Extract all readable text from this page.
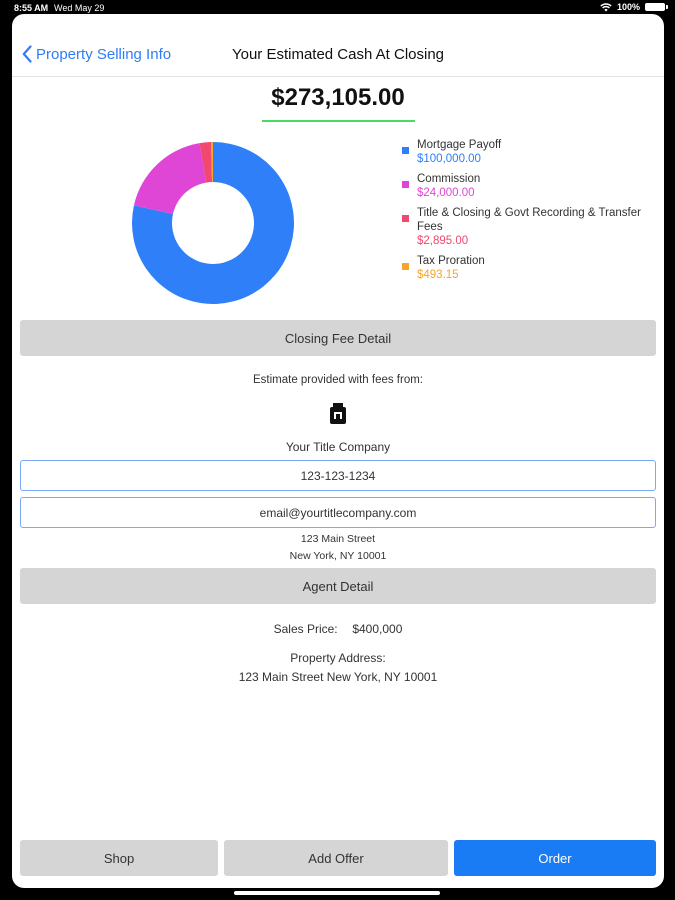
8:55 AM Wed May 29	100%
Property Selling Info	Your Estimated Cash At Closing
$273,105.00
Mortgage Payoff
$100,000.00
Commission
$24,000.00
Title & Closing & Govt Recording & Transfer Fees
$2,895.00
Tax Proration
$493.15
Closing Fee Detail
Estimate provided with fees from:
Your Title Company
123-123-1234
email@yourtitlecompany.com
123 Main Street
New York, NY 10001
Agent Detail
Sales Price: $400,000
Property Address:
123 Main Street New York, NY 10001
Shop	Add Offer	Order
